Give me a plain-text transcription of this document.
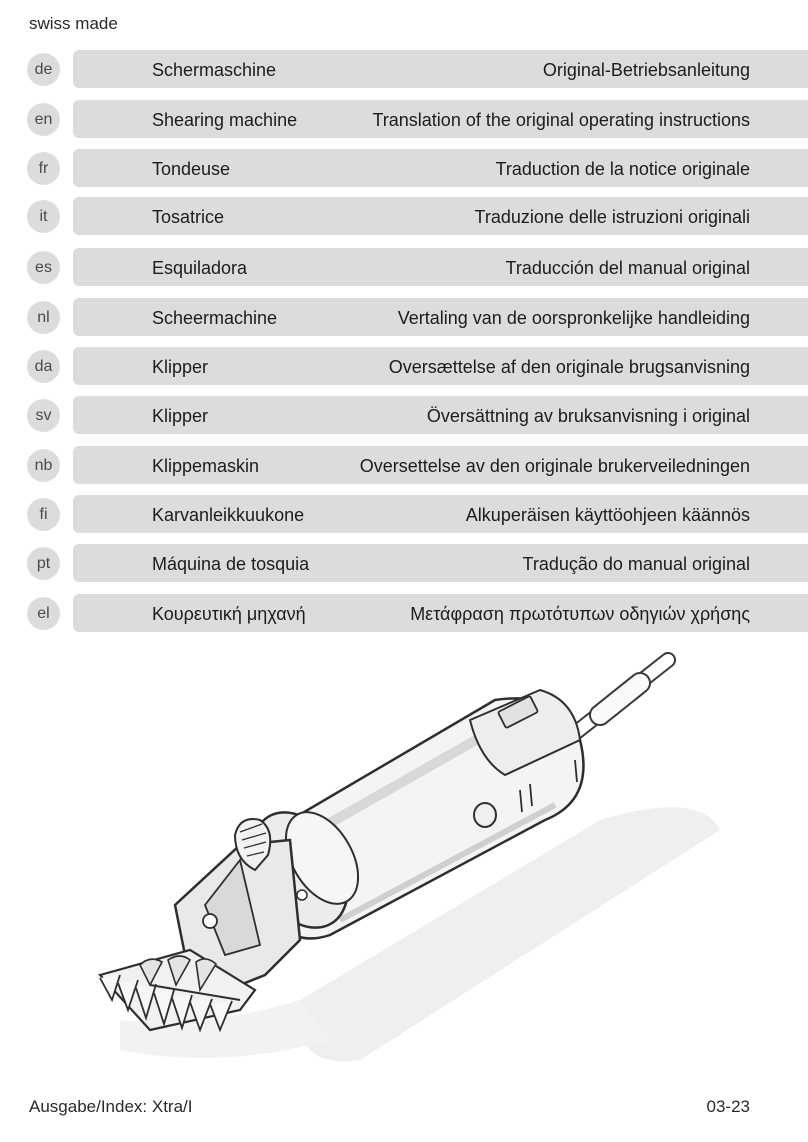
swiss made
de	Schermaschine	Original-Betriebsanleitung
en	Shearing machine	Translation of the original operating instructions
fr	Tondeuse	Traduction de la notice originale
it	Tosatrice	Traduzione delle istruzioni originali
es	Esquiladora	Traducción del manual original
nl	Scheermachine	Vertaling van de oorspronkelijke handleiding
da	Klipper	Oversættelse af den originale brugsanvisning
sv	Klipper	Översättning av bruksanvisning i original
nb	Klippemaskin	Oversettelse av den originale brukerveiledningen
fi	Karvanleikkuukone	Alkuperäisen käyttöohjeen käännös
pt	Máquina de tosquia	Tradução do manual original
el	Κουρευτική μηχανή	Μετάφραση πρωτότυπων οδηγιών χρήσης
Ausgabe/Index: Xtra/I	03-23
